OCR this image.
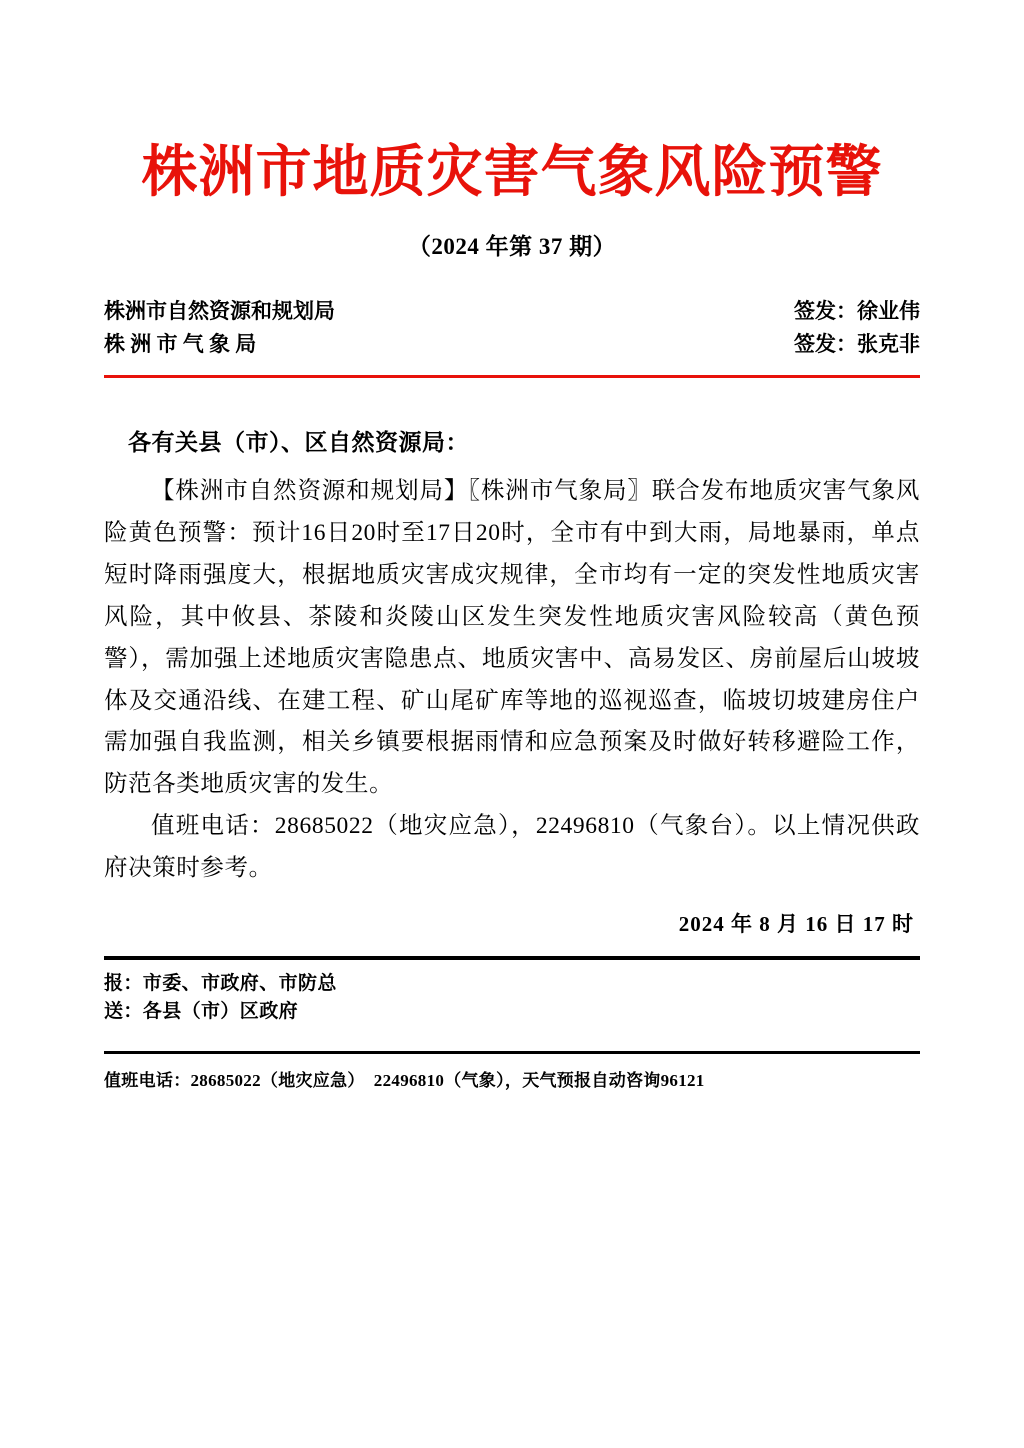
株洲市地质灾害气象风险预警
（2024 年第 37 期）
株洲市自然资源和规划局	签发：徐业伟
株 洲 市 气 象 局	签发：张克非
各有关县（市）、区自然资源局：

【株洲市自然资源和规划局】〖株洲市气象局〗联合发布地质灾害气象风险黄色预警：预计16日20时至17日20时，全市有中到大雨，局地暴雨，单点短时降雨强度大，根据地质灾害成灾规律，全市均有一定的突发性地质灾害风险，其中攸县、茶陵和炎陵山区发生突发性地质灾害风险较高（黄色预警），需加强上述地质灾害隐患点、地质灾害中、高易发区、房前屋后山坡坡体及交通沿线、在建工程、矿山尾矿库等地的巡视巡查，临坡切坡建房住户需加强自我监测，相关乡镇要根据雨情和应急预案及时做好转移避险工作，防范各类地质灾害的发生。

值班电话：28685022（地灾应急），22496810（气象台）。以上情况供政府决策时参考。

2024 年 8 月 16 日 17 时
报：市委、市政府、市防总
送：各县（市）区政府
值班电话：28685022（地灾应急）  22496810（气象），天气预报自动咨询96121
